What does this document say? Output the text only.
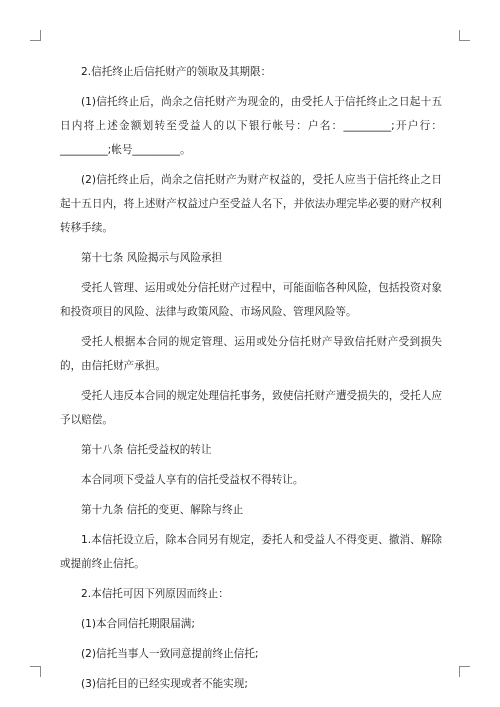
2.信托终止后信托财产的领取及其期限：

(1)信托终止后，尚余之信托财产为现金的，由受托人于信托终止之日起十五日内将上述金额划转至受益人的以下银行帐号：户名：_________;开户行：_________;帐号_________。

(2)信托终止后，尚余之信托财产为财产权益的，受托人应当于信托终止之日起十五日内，将上述财产权益过户至受益人名下，并依法办理完毕必要的财产权利转移手续。

第十七条 风险揭示与风险承担

受托人管理、运用或处分信托财产过程中，可能面临各种风险，包括投资对象和投资项目的风险、法律与政策风险、市场风险、管理风险等。

受托人根据本合同的规定管理、运用或处分信托财产导致信托财产受到损失的，由信托财产承担。

受托人违反本合同的规定处理信托事务，致使信托财产遭受损失的，受托人应予以赔偿。

第十八条 信托受益权的转让

本合同项下受益人享有的信托受益权不得转让。

第十九条 信托的变更、解除与终止

1.本信托设立后，除本合同另有规定，委托人和受益人不得变更、撤消、解除或提前终止信托。

2.本信托可因下列原因而终止：

(1)本合同信托期限届满;

(2)信托当事人一致同意提前终止信托;

(3)信托目的已经实现或者不能实现;
